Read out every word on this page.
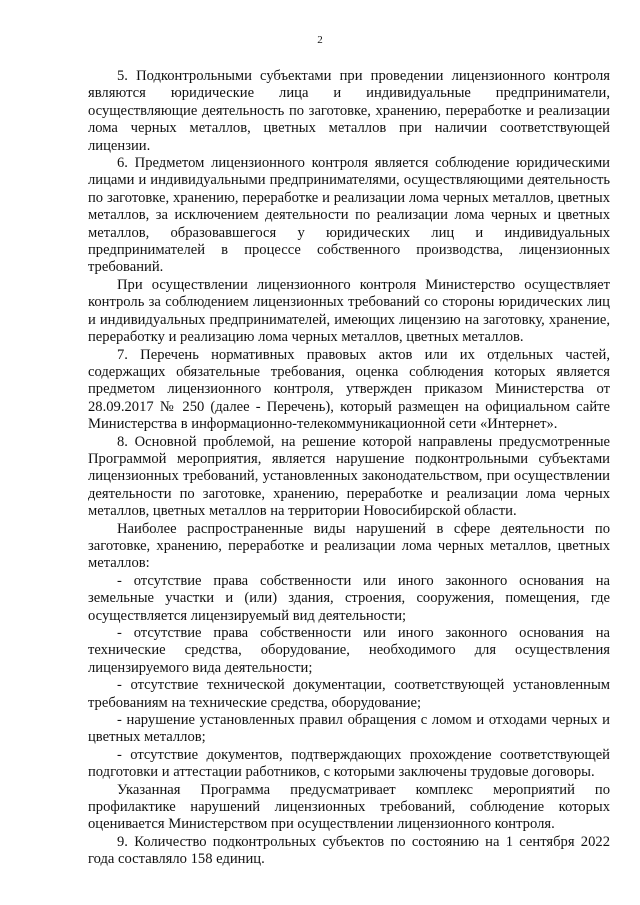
2

5. Подконтрольными субъектами при проведении лицензионного контроля являются юридические лица и индивидуальные предприниматели, осуществляющие деятельность по заготовке, хранению, переработке и реализации лома черных металлов, цветных металлов при наличии соответствующей лицензии.

6. Предметом лицензионного контроля является соблюдение юридическими лицами и индивидуальными предпринимателями, осуществляющими деятельность по заготовке, хранению, переработке и реализации лома черных металлов, цветных металлов, за исключением деятельности по реализации лома черных и цветных металлов, образовавшегося у юридических лиц и индивидуальных предпринимателей в процессе собственного производства, лицензионных требований.

При осуществлении лицензионного контроля Министерство осуществляет контроль за соблюдением лицензионных требований со стороны юридических лиц и индивидуальных предпринимателей, имеющих лицензию на заготовку, хранение, переработку и реализацию лома черных металлов, цветных металлов.

7. Перечень нормативных правовых актов или их отдельных частей, содержащих обязательные требования, оценка соблюдения которых является предметом лицензионного контроля, утвержден приказом Министерства от 28.09.2017 № 250 (далее - Перечень), который размещен на официальном сайте Министерства в информационно-телекоммуникационной сети «Интернет».

8. Основной проблемой, на решение которой направлены предусмотренные Программой мероприятия, является нарушение подконтрольными субъектами лицензионных требований, установленных законодательством, при осуществлении деятельности по заготовке, хранению, переработке и реализации лома черных металлов, цветных металлов на территории Новосибирской области.

Наиболее распространенные виды нарушений в сфере деятельности по заготовке, хранению, переработке и реализации лома черных металлов, цветных металлов:

- отсутствие права собственности или иного законного основания на земельные участки и (или) здания, строения, сооружения, помещения, где осуществляется лицензируемый вид деятельности;

- отсутствие права собственности или иного законного основания на технические средства, оборудование, необходимого для осуществления лицензируемого вида деятельности;

- отсутствие технической документации, соответствующей установленным требованиям на технические средства, оборудование;

- нарушение установленных правил обращения с ломом и отходами черных и цветных металлов;

- отсутствие документов, подтверждающих прохождение соответствующей подготовки и аттестации работников, с которыми заключены трудовые договоры.

Указанная Программа предусматривает комплекс мероприятий по профилактике нарушений лицензионных требований, соблюдение которых оценивается Министерством при осуществлении лицензионного контроля.

9. Количество подконтрольных субъектов по состоянию на 1 сентября 2022 года составляло 158 единиц.
